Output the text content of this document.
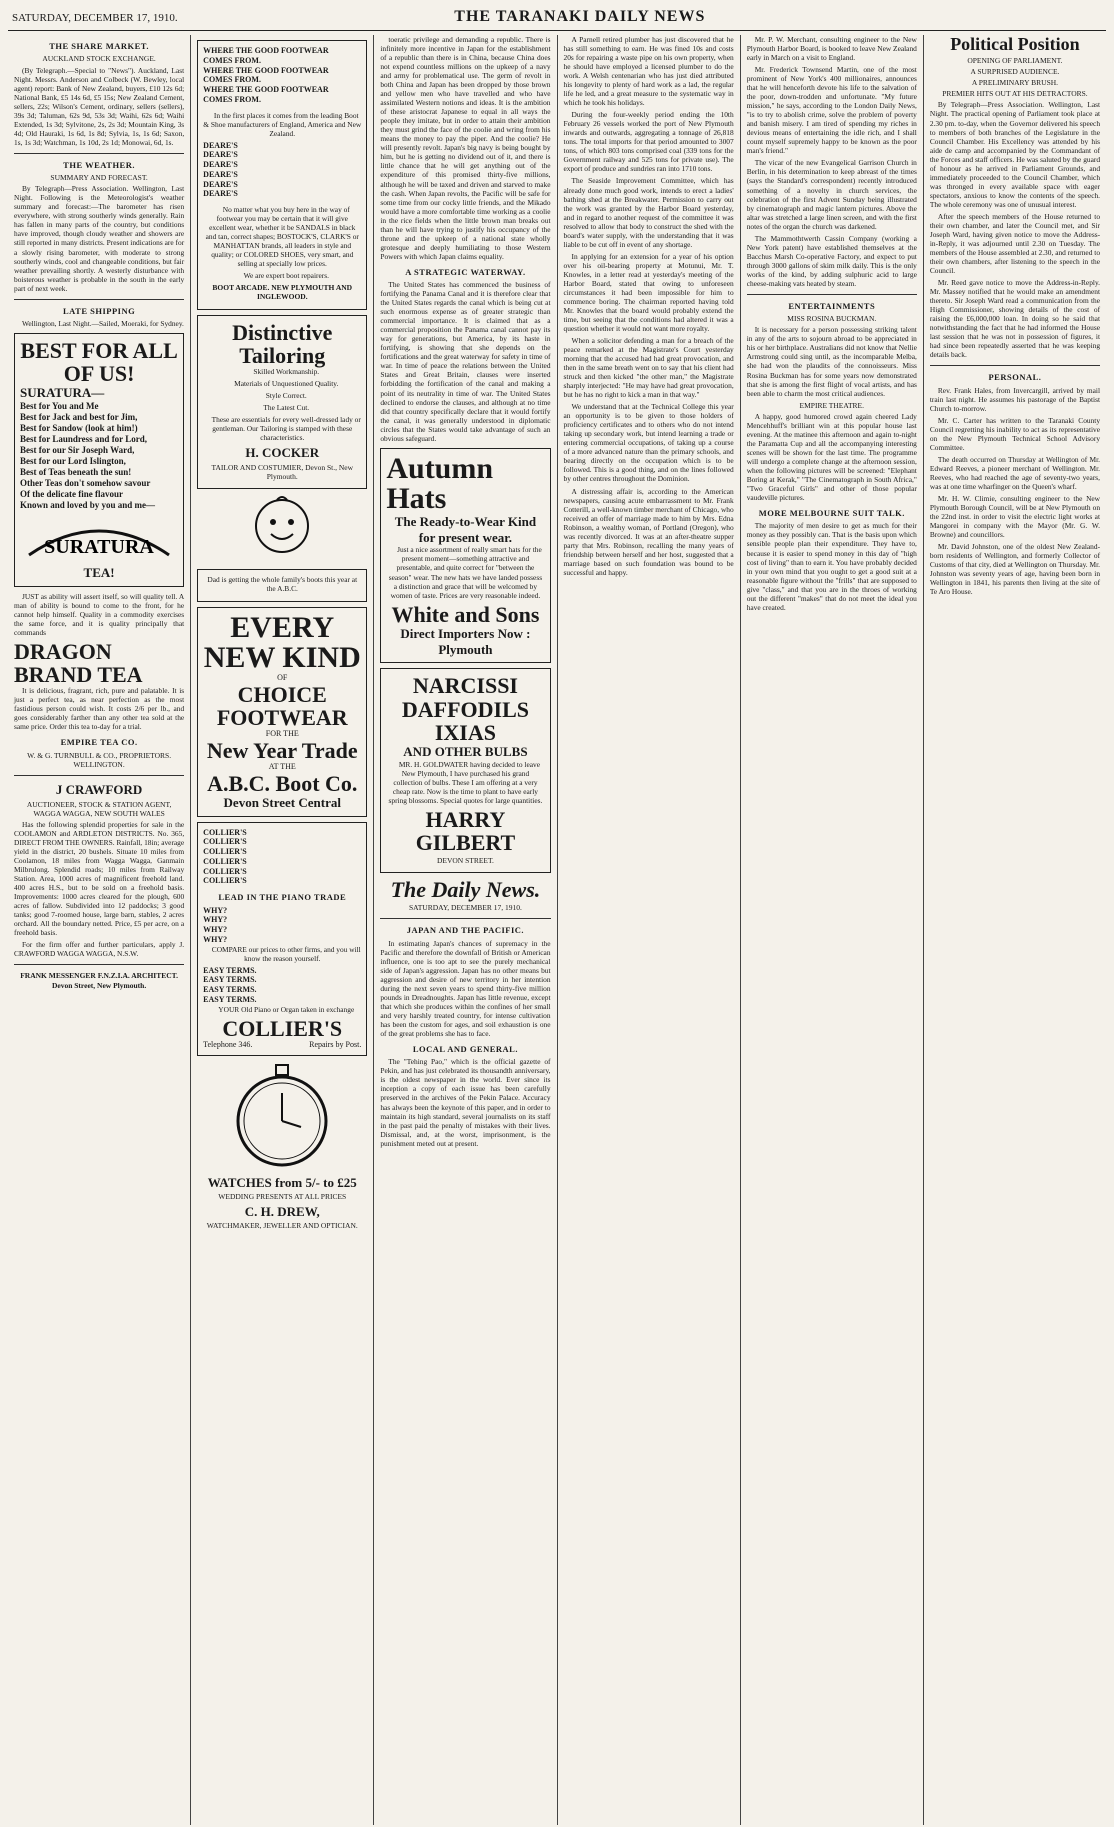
SATURDAY, DECEMBER 17, 1910.	THE TARANAKI DAILY NEWS
THE SHARE MARKET.
AUCKLAND STOCK EXCHANGE.

(By Telegraph.—Special to "News"). Auckland, Last Night. Messrs. Anderson and Colbeck (W. Bewley, local agent) report: Bank of New Zealand, buyers, £10 12s 6d; National Bank, £5 14s 6d, £5 15s; New Zealand Cement, sellers, 22s; Wilson's Cement, ordinary, sellers (sellers), 39s 3d; Taluman, 62s 9d, 53s 3d; Waihi, 62s 6d; Waihi Extended, 1s 3d; Sylvitone, 2s, 2s 3d; Mountain King, 3s 4d; Old Hauraki, 1s 6d, 1s 8d; Sylvia, 1s, 1s 6d; Saxon, 1s, 1s 3d; Watchman, 1s 10d, 2s 1d; Monowai, 6d, 1s.

THE WEATHER.
SUMMARY AND FORECAST.

By Telegraph—Press Association. Wellington, Last Night. Following is the Meteorologist's weather summary and forecast:—The barometer has risen everywhere, with strong southerly winds generally. Rain has fallen in many parts of the country, but conditions have improved, though cloudy weather and showers are still reported in many districts. Present indications are for a slowly rising barometer, with moderate to strong southerly winds, cool and changeable conditions, but fair weather prevailing shortly. A westerly disturbance with boisterous weather is probable in the south in the early part of next week.

LATE SHIPPING

Wellington, Last Night.—Sailed, Moeraki, for Sydney.

BEST FOR ALL OF US!
SURATURA—

Best for You and Me

Best for Jack and best for Jim,

Best for Sandow (look at him!)

Best for Laundress and for Lord,

Best for our Sir Joseph Ward,

Best for our Lord Islington,

Best of Teas beneath the sun!

Other Teas don't somehow savour

Of the delicate fine flavour

Known and loved by you and me—

SURATURA
TEA!

JUST as ability will assert itself, so will quality tell. A man of ability is bound to come to the front, for he cannot help himself. Quality in a commodity exercises the same force, and it is quality principally that commands

DRAGON BRAND TEA

It is delicious, fragrant, rich, pure and palatable. It is just a perfect tea, as near perfection as the most fastidious person could wish. It costs 2/6 per lb., and goes considerably farther than any other tea sold at the same price. Order this tea to-day for a trial.

EMPIRE TEA CO.
W. & G. TURNBULL & CO., PROPRIETORS. WELLINGTON.
J CRAWFORD
AUCTIONEER, STOCK & STATION AGENT, WAGGA WAGGA, NEW SOUTH WALES

Has the following splendid properties for sale in the COOLAMON and ARDLETON DISTRICTS. No. 365, DIRECT FROM THE OWNERS. Rainfall, 18in; average yield in the district, 20 bushels. Situate 10 miles from Coolamon, 18 miles from Wagga Wagga, Ganmain Milbrulong. Splendid roads; 10 miles from Railway Station. Area, 1000 acres of magnificent freehold land. 400 acres H.S., but to be sold on a freehold basis. Improvements: 1000 acres cleared for the plough, 600 acres of fallow. Subdivided into 12 paddocks; 3 good tanks; good 7-roomed house, large barn, stables, 2 acres orchard. All the boundary netted. Price, £5 per acre, on a freehold basis.

For the firm offer and further particulars, apply J. CRAWFORD WAGGA WAGGA, N.S.W.

FRANK MESSENGER F.N.Z.I.A. ARCHITECT. Devon Street, New Plymouth.
WHERE THE GOOD FOOTWEAR
COMES FROM.
WHERE THE GOOD FOOTWEAR
COMES FROM.
WHERE THE GOOD FOOTWEAR
COMES FROM.

In the first places it comes from the leading Boot & Shoe manufacturers of England, America and New Zealand.

DEARE'S
DEARE'S
DEARE'S
DEARE'S
DEARE'S
DEARE'S

No matter what you buy here in the way of footwear you may be certain that it will give excellent wear, whether it be SANDALS in black and tan, correct shapes; BOSTOCK'S, CLARK'S or MANHATTAN brands, all leaders in style and quality; or COLORED SHOES, very smart, and selling at specially low prices.

We are expert boot repairers.

BOOT ARCADE. NEW PLYMOUTH AND INGLEWOOD.
Distinctive Tailoring

Skilled Workmanship.

Materials of Unquestioned Quality.

Style Correct.

The Latest Cut.

These are essentials for every well-dressed lady or gentleman. Our Tailoring is stamped with these characteristics.

H. COCKER
TAILOR AND COSTUMIER, Devon St., New Plymouth.

Dad is getting the whole family's boots this year at the A.B.C.

EVERY NEW KIND
OF
CHOICE FOOTWEAR
FOR THE
New Year Trade
AT THE
A.B.C. Boot Co.
Devon Street Central
COLLIER'S
COLLIER'S
COLLIER'S
COLLIER'S
COLLIER'S
COLLIER'S
LEAD IN THE PIANO TRADE
WHY?
WHY?
WHY?
WHY?

COMPARE our prices to other firms, and you will know the reason yourself.

EASY TERMS.
EASY TERMS.
EASY TERMS.
EASY TERMS.

YOUR Old Piano or Organ taken in exchange

COLLIER'S
Telephone 346.	Repairs by Post.
WATCHES from 5/- to £25
WEDDING PRESENTS AT ALL PRICES
C. H. DREW,
WATCHMAKER, JEWELLER AND OPTICIAN.

toeratic privilege and demanding a republic. There is infinitely more incentive in Japan for the establishment of a republic than there is in China, because China does not expend countless millions on the upkeep of a navy and army for problematical use. The germ of revolt in both China and Japan has been dropped by those brown and yellow men who have travelled and who have assimilated Western notions and ideas. It is the ambition of these aristocrat Japanese to equal in all ways the people they imitate, but in order to attain their ambition they must grind the face of the coolie and wring from his means the money to pay the piper. And the coolie? He will presently revolt. Japan's big navy is being bought by him, but he is getting no dividend out of it, and there is little chance that he will get anything out of the expenditure of this promised thirty-five millions, although he will be taxed and driven and starved to make the cash. When Japan revolts, the Pacific will be safe for some time from our cocky little friends, and the Mikado would have a more comfortable time working as a coolie in the rice fields when the little brown man breaks out than he will have trying to justify his occupancy of the throne and the upkeep of a national state wholly grotesque and deeply humiliating to those Western Powers with which Japan claims equality.

A STRATEGIC WATERWAY.

The United States has commenced the business of fortifying the Panama Canal and it is therefore clear that the United States regards the canal which is being cut at such enormous expense as of greater strategic than commercial importance. It is claimed that as a commercial proposition the Panama canal cannot pay its way for generations, but America, by its haste in fortifying, is showing that she depends on the fortifications and the great waterway for safety in time of war. In time of peace the relations between the United States and Great Britain, clauses were inserted forbidding the fortification of the canal and making a point of its neutrality in time of war. The United States declined to endorse the clauses, and although at no time did that country specifically declare that it would fortify the canal, it was generally understood in diplomatic circles that the States would take advantage of such an obvious safeguard.

Autumn Hats
The Ready-to-Wear Kind for present wear.

Just a nice assortment of really smart hats for the present moment—something attractive and presentable, and quite correct for "between the season" wear. The new hats we have landed possess a distinction and grace that will be welcomed by women of taste. Prices are very reasonable indeed.

White and Sons
Direct Importers Now : Plymouth
NARCISSI
DAFFODILS
IXIAS
AND OTHER BULBS

MR. H. GOLDWATER having decided to leave New Plymouth, I have purchased his grand collection of bulbs. These I am offering at a very cheap rate. Now is the time to plant to have early spring blossoms. Special quotes for large quantities.

HARRY GILBERT
DEVON STREET.
The Daily News.
SATURDAY, DECEMBER 17, 1910.
JAPAN AND THE PACIFIC.

In estimating Japan's chances of supremacy in the Pacific and therefore the downfall of British or American influence, one is too apt to see the purely mechanical side of Japan's aggression. Japan has no other means but aggression and desire of new territory in her intention during the next seven years to spend thirty-five million pounds in Dreadnoughts. Japan has little revenue, except that which she produces within the confines of her small and very harshly treated country, for intense cultivation has been the custom for ages, and soil exhaustion is one of the great problems she has to face.

LOCAL AND GENERAL.

The "Tehing Pao," which is the official gazette of Pekin, and has just celebrated its thousandth anniversary, is the oldest newspaper in the world. Ever since its inception a copy of each issue has been carefully preserved in the archives of the Pekin Palace. Accuracy has always been the keynote of this paper, and in order to maintain its high standard, several journalists on its staff in the past paid the penalty of mistakes with their lives. Dismissal, and, at the worst, imprisonment, is the punishment meted out at present.

A Parnell retired plumber has just discovered that he has still something to earn. He was fined 10s and costs 20s for repairing a waste pipe on his own property, when he should have employed a licensed plumber to do the work. A Welsh centenarian who has just died attributed his longevity to plenty of hard work as a lad, the regular life he led, and a great measure to the systematic way in which he took his holidays.

During the four-weekly period ending the 10th February 26 vessels worked the port of New Plymouth inwards and outwards, aggregating a tonnage of 26,818 tons. The total imports for that period amounted to 3007 tons, of which 803 tons comprised coal (339 tons for the Government railway and 525 tons for private use). The export of produce and sundries ran into 1710 tons.

The Seaside Improvement Committee, which has already done much good work, intends to erect a ladies' bathing shed at the Breakwater. Permission to carry out the work was granted by the Harbor Board yesterday, and in regard to another request of the committee it was resolved to allow that body to construct the shed with the board's water supply, with the understanding that it was liable to be cut off in event of any shortage.

In applying for an extension for a year of his option over his oil-bearing property at Motunui, Mr. T. Knowles, in a letter read at yesterday's meeting of the Harbor Board, stated that owing to unforeseen circumstances it had been impossible for him to commence boring. The chairman reported having told Mr. Knowles that the board would probably extend the time, but seeing that the conditions had altered it was a question whether it would not want more royalty.

When a solicitor defending a man for a breach of the peace remarked at the Magistrate's Court yesterday morning that the accused had had great provocation, and then in the same breath went on to say that his client had struck and then kicked "the other man," the Magistrate sharply interjected: "He may have had great provocation, but he has no right to kick a man in that way."

We understand that at the Technical College this year an opportunity is to be given to those holders of proficiency certificates and to others who do not intend taking up secondary work, but intend learning a trade or entering commercial occupations, of taking up a course of a more advanced nature than the primary schools, and bearing directly on the occupation which is to be followed. This is a good thing, and on the lines followed by other centres throughout the Dominion.

A distressing affair is, according to the American newspapers, causing acute embarrassment to Mr. Frank Cotterill, a well-known timber merchant of Chicago, who received an offer of marriage made to him by Mrs. Edna Robinson, a wealthy woman, of Portland (Oregon), who was recently divorced. It was at an after-theatre supper party that Mrs. Robinson, recalling the many years of friendship between herself and her host, suggested that a marriage based on such foundation was bound to be successful and happy.

Mr. P. W. Merchant, consulting engineer to the New Plymouth Harbor Board, is booked to leave New Zealand early in March on a visit to England.

Mr. Frederick Townsend Martin, one of the most prominent of New York's 400 millionaires, announces that he will henceforth devote his life to the salvation of the poor, down-trodden and unfortunate. "My future mission," he says, according to the London Daily News, "is to try to abolish crime, solve the problem of poverty and banish misery. I am tired of spending my riches in devious means of entertaining the idle rich, and I shall count myself supremely happy to be known as the poor man's friend."

The vicar of the new Evangelical Garrison Church in Berlin, in his determination to keep abreast of the times (says the Standard's correspondent) recently introduced something of a novelty in church services, the celebration of the first Advent Sunday being illustrated by cinematograph and magic lantern pictures. Above the altar was stretched a large linen screen, and with the first notes of the organ the church was darkened.

The Mammothtwerth Cassin Company (working a New York patent) have established themselves at the Bacchus Marsh Co-operative Factory, and expect to put through 3000 gallons of skim milk daily. This is the only works of the kind, by adding sulphuric acid to large cheese-making vats heated by steam.

ENTERTAINMENTS
MISS ROSINA BUCKMAN.

It is necessary for a person possessing striking talent in any of the arts to sojourn abroad to be appreciated in his or her birthplace. Australians did not know that Nellie Armstrong could sing until, as the incomparable Melba, she had won the plaudits of the connoisseurs. Miss Rosina Buckman has for some years now demonstrated that she is among the first flight of vocal artists, and has been able to charm the most critical audiences.

EMPIRE THEATRE.

A happy, good humored crowd again cheered Lady Mencehhuff's brilliant win at this popular house last evening. At the matinee this afternoon and again to-night the Paramatta Cup and all the accompanying interesting scenes will be shown for the last time. The programme will undergo a complete change at the afternoon session, when the following pictures will be screened: "Elephant Boring at Kerak," "The Cinematograph in South Africa," "Two Graceful Girls" and other of those popular vaudeville pictures.

MORE MELBOURNE SUIT TALK.

The majority of men desire to get as much for their money as they possibly can. That is the basis upon which sensible people plan their expenditure. They have to, because it is easier to spend money in this day of "high cost of living" than to earn it. You have probably decided in your own mind that you ought to get a good suit at a reasonable figure without the "frills" that are supposed to give "class," and that you are in the throes of working out the different "makes" that do not meet the ideal you have created.

Political Position
OPENING OF PARLIAMENT.
A SURPRISED AUDIENCE.
A PRELIMINARY BRUSH.
PREMIER HITS OUT AT HIS DETRACTORS.

By Telegraph—Press Association. Wellington, Last Night. The practical opening of Parliament took place at 2.30 pm. to-day, when the Governor delivered his speech to members of both branches of the Legislature in the Council Chamber. His Excellency was attended by his aide de camp and accompanied by the Commandant of the Forces and staff officers. He was saluted by the guard of honour as he arrived in Parliament Grounds, and immediately proceeded to the Council Chamber, which was thronged in every available space with eager spectators, anxious to know the contents of the speech. The whole ceremony was one of unusual interest.

After the speech members of the House returned to their own chamber, and later the Council met, and Sir Joseph Ward, having given notice to move the Address-in-Reply, it was adjourned until 2.30 on Tuesday. The members of the House assembled at 2.30, and returned to their own chambers, after listening to the speech in the Council.

Mr. Reed gave notice to move the Address-in-Reply. Mr. Massey notified that he would make an amendment thereto. Sir Joseph Ward read a communication from the High Commissioner, showing details of the cost of raising the £6,000,000 loan. In doing so he said that notwithstanding the fact that he had informed the House last session that he was not in possession of figures, it had since been repeatedly asserted that he was keeping details back.

PERSONAL.

Rev. Frank Hales, from Invercargill, arrived by mail train last night. He assumes his pastorage of the Baptist Church to-morrow.

Mr. C. Carter has written to the Taranaki County Council regretting his inability to act as its representative on the New Plymouth Technical School Advisory Committee.

The death occurred on Thursday at Wellington of Mr. Edward Reeves, a pioneer merchant of Wellington. Mr. Reeves, who had reached the age of seventy-two years, was at one time wharfinger on the Queen's wharf.

Mr. H. W. Climie, consulting engineer to the New Plymouth Borough Council, will be at New Plymouth on the 22nd inst. in order to visit the electric light works at Mangorei in company with the Mayor (Mr. G. W. Browne) and councillors.

Mr. David Johnston, one of the oldest New Zealand-born residents of Wellington, and formerly Collector of Customs of that city, died at Wellington on Thursday. Mr. Johnston was seventy years of age, having been born in Wellington in 1841, his parents then living at the site of Te Aro House.
